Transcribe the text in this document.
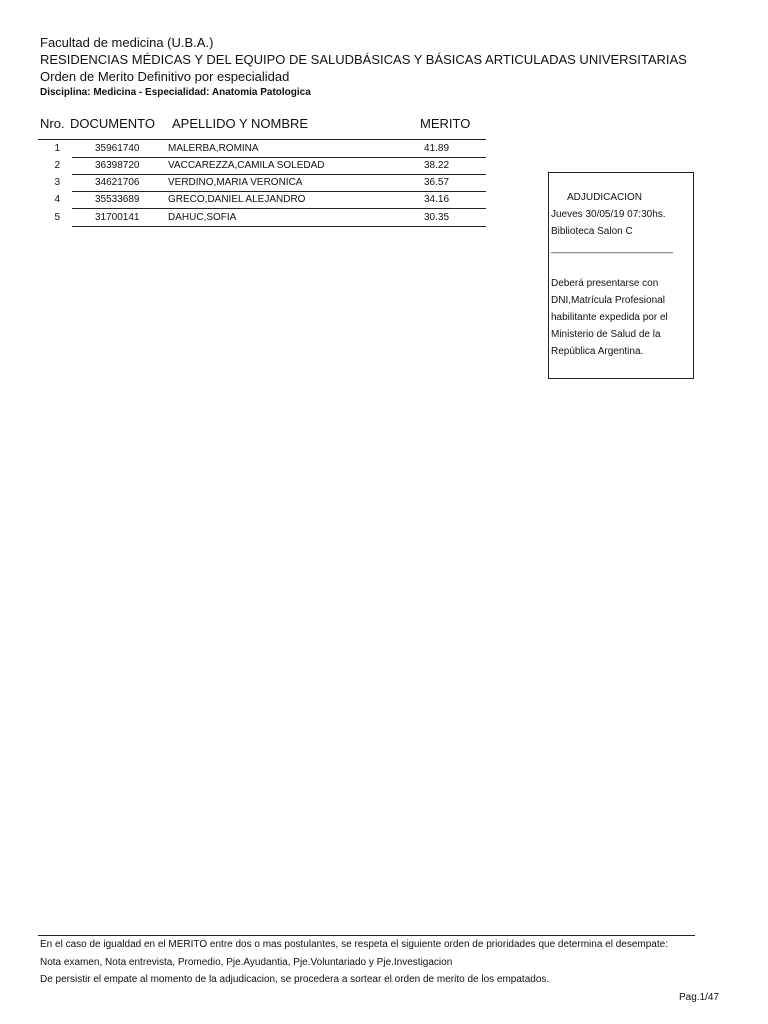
Facultad de medicina (U.B.A.)
RESIDENCIAS MÉDICAS Y DEL EQUIPO DE SALUDBÁSICAS Y BÁSICAS ARTICULADAS UNIVERSITARIAS
Orden de Merito Definitivo por especialidad
Disciplina: Medicina - Especialidad: Anatomia Patologica
Nro. DOCUMENTO APELLIDO Y NOMBRE	MERITO
1	35961740	MALERBA,ROMINA	41.89
2	36398720	VACCAREZZA,CAMILA SOLEDAD	38.22
3	34621706	VERDINO,MARIA VERONICA	36.57
4	35533689	GRECO,DANIEL ALEJANDRO	34.16
5	31700141	DAHUC,SOFIA	30.35
ADJUDICACION
Jueves 30/05/19 07:30hs.
Biblioteca Salon C
________________________
Deberá presentarse con
DNI,Matrícula Profesional
habilitante expedida por el
Ministerio de Salud de la
República Argentina.
En el caso de igualdad en el MERITO entre dos o mas postulantes, se respeta el siguiente orden de prioridades que determina el desempate:
Nota examen, Nota entrevista, Promedio, Pje.Ayudantia, Pje.Voluntariado y Pje.Investigacion
De persistir el empate al momento de la adjudicacion, se procedera a sortear el orden de merito de los empatados.
Pag.1/47
